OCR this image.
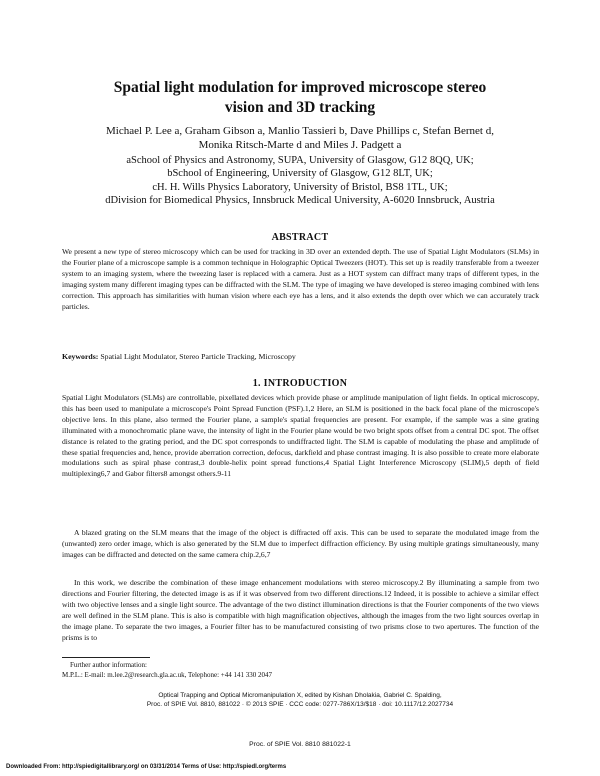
Spatial light modulation for improved microscope stereo
vision and 3D tracking
Michael P. Lee a, Graham Gibson a, Manlio Tassieri b, Dave Phillips c, Stefan Bernet d,
Monika Ritsch-Marte d and Miles J. Padgett a
aSchool of Physics and Astronomy, SUPA, University of Glasgow, G12 8QQ, UK;
bSchool of Engineering, University of Glasgow, G12 8LT, UK;
cH. H. Wills Physics Laboratory, University of Bristol, BS8 1TL, UK;
dDivision for Biomedical Physics, Innsbruck Medical University, A-6020 Innsbruck, Austria
ABSTRACT
We present a new type of stereo microscopy which can be used for tracking in 3D over an extended depth. The use of Spatial Light Modulators (SLMs) in the Fourier plane of a microscope sample is a common technique in Holographic Optical Tweezers (HOT). This set up is readily transferable from a tweezer system to an imaging system, where the tweezing laser is replaced with a camera. Just as a HOT system can diffract many traps of different types, in the imaging system many different imaging types can be diffracted with the SLM. The type of imaging we have developed is stereo imaging combined with lens correction. This approach has similarities with human vision where each eye has a lens, and it also extends the depth over which we can accurately track particles.
Keywords: Spatial Light Modulator, Stereo Particle Tracking, Microscopy
1. INTRODUCTION
Spatial Light Modulators (SLMs) are controllable, pixellated devices which provide phase or amplitude manipulation of light fields. In optical microscopy, this has been used to manipulate a microscope's Point Spread Function (PSF).1,2 Here, an SLM is positioned in the back focal plane of the microscope's objective lens. In this plane, also termed the Fourier plane, a sample's spatial frequencies are present. For example, if the sample was a sine grating illuminated with a monochromatic plane wave, the intensity of light in the Fourier plane would be two bright spots offset from a central DC spot. The offset distance is related to the grating period, and the DC spot corresponds to undiffracted light. The SLM is capable of modulating the phase and amplitude of these spatial frequencies and, hence, provide aberration correction, defocus, darkfield and phase contrast imaging. It is also possible to create more elaborate modulations such as spiral phase contrast,3 double-helix point spread functions,4 Spatial Light Interference Microscopy (SLIM),5 depth of field multiplexing6,7 and Gabor filters8 amongst others.9-11
A blazed grating on the SLM means that the image of the object is diffracted off axis. This can be used to separate the modulated image from the (unwanted) zero order image, which is also generated by the SLM due to imperfect diffraction efficiency. By using multiple gratings simultaneously, many images can be diffracted and detected on the same camera chip.2,6,7
In this work, we describe the combination of these image enhancement modulations with stereo microscopy.2 By illuminating a sample from two directions and Fourier filtering, the detected image is as if it was observed from two different directions.12 Indeed, it is possible to achieve a similar effect with two objective lenses and a single light source. The advantage of the two distinct illumination directions is that the Fourier components of the two views are well defined in the SLM plane. This is also is compatible with high magnification objectives, although the images from the two light sources overlap in the image plane. To separate the two images, a Fourier filter has to be manufactured consisting of two prisms close to two apertures. The function of the prisms is to
Further author information:
M.P.L.: E-mail: m.lee.2@research.gla.ac.uk, Telephone: +44 141 330 2047
Optical Trapping and Optical Micromanipulation X, edited by Kishan Dholakia, Gabriel C. Spalding,
Proc. of SPIE Vol. 8810, 881022 · © 2013 SPIE · CCC code: 0277-786X/13/$18 · doi: 10.1117/12.2027734
Proc. of SPIE Vol. 8810 881022-1
Downloaded From: http://spiedigitallibrary.org/ on 03/31/2014 Terms of Use: http://spiedl.org/terms
